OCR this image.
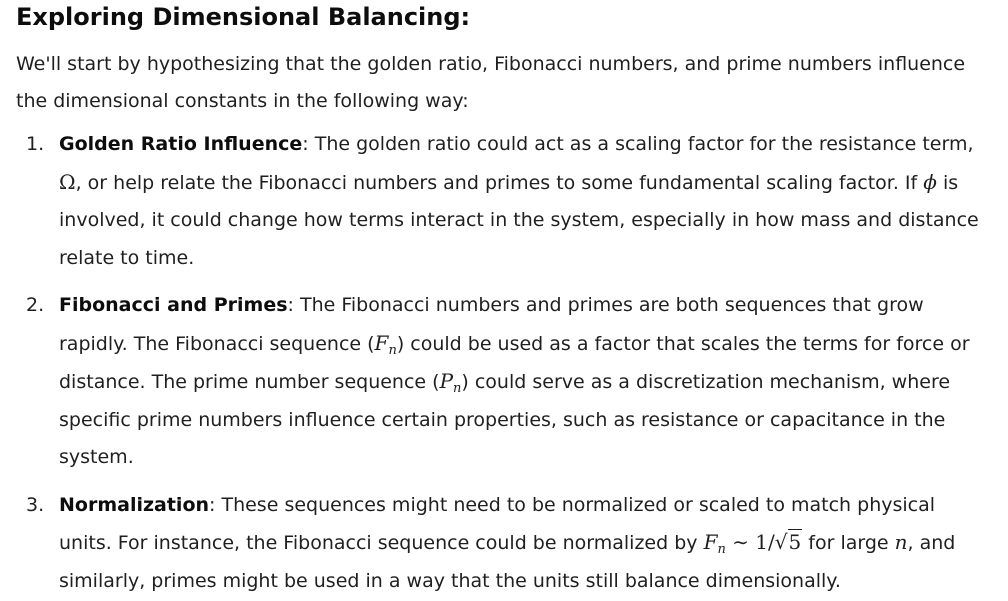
Exploring Dimensional Balancing:

We'll start by hypothesizing that the golden ratio, Fibonacci numbers, and prime numbers influence the dimensional constants in the following way:

1. Golden Ratio Influence: The golden ratio could act as a scaling factor for the resistance term, Ω, or help relate the Fibonacci numbers and primes to some fundamental scaling factor. If ϕ is involved, it could change how terms interact in the system, especially in how mass and distance relate to time.
2. Fibonacci and Primes: The Fibonacci numbers and primes are both sequences that grow rapidly. The Fibonacci sequence $(F_n)$ could be used as a factor that scales the terms for force or distance. The prime number sequence $(P_n)$ could serve as a discretization mechanism, where specific prime numbers influence certain properties, such as resistance or capacitance in the system.
3. Normalization: These sequences might need to be normalized or scaled to match physical units. For instance, the Fibonacci sequence could be normalized by $F_n$ ∼ 1/√5 for large n, and similarly, primes might be used in a way that the units still balance dimensionally.
